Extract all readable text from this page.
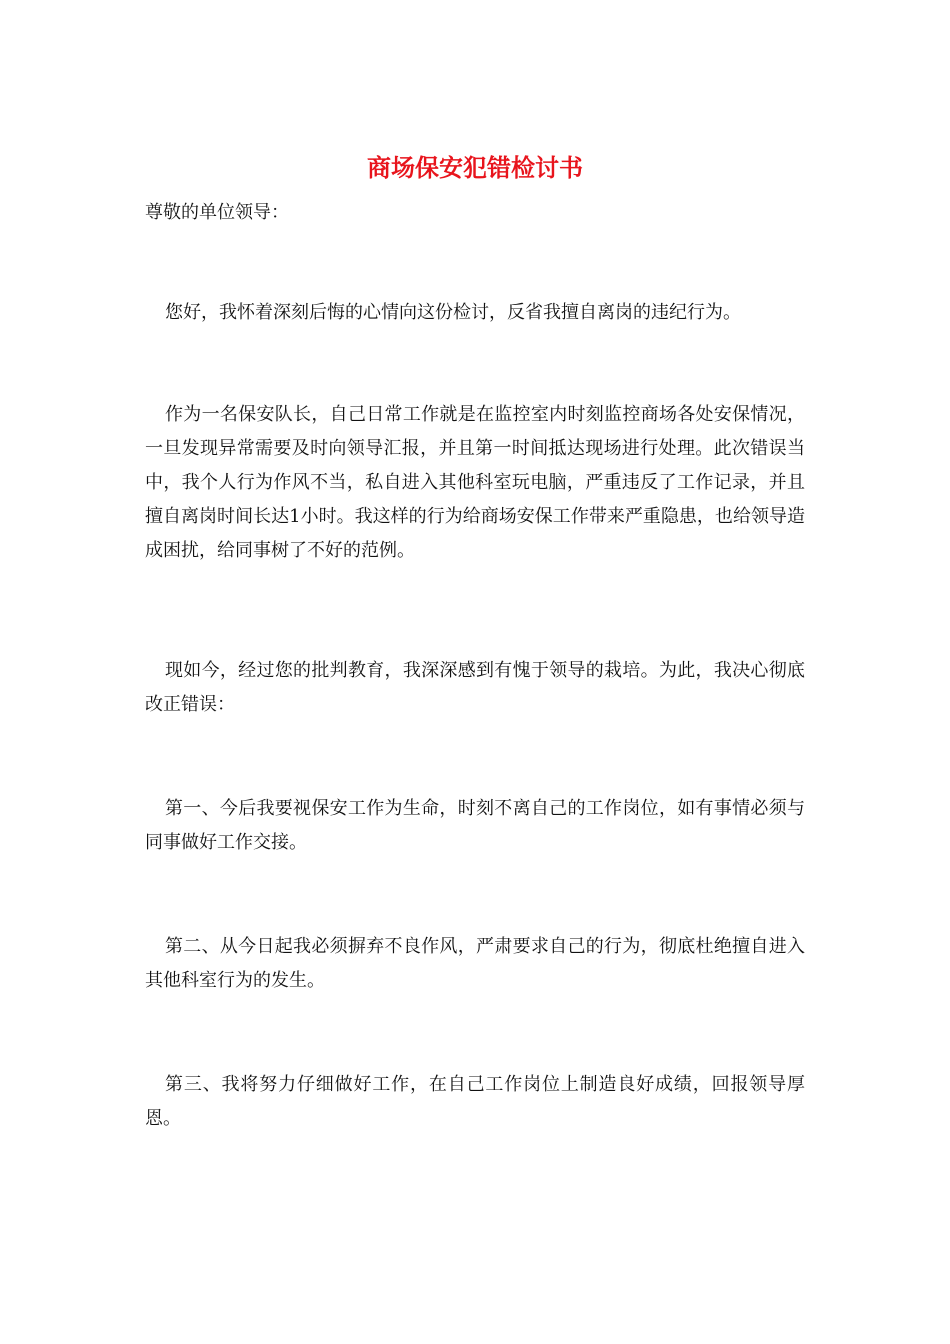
商场保安犯错检讨书

尊敬的单位领导：

您好，我怀着深刻后悔的心情向这份检讨，反省我擅自离岗的违纪行为。

作为一名保安队长，自己日常工作就是在监控室内时刻监控商场各处安保情况，一旦发现异常需要及时向领导汇报，并且第一时间抵达现场进行处理。此次错误当中，我个人行为作风不当，私自进入其他科室玩电脑，严重违反了工作记录，并且擅自离岗时间长达1小时。我这样的行为给商场安保工作带来严重隐患，也给领导造成困扰，给同事树了不好的范例。

现如今，经过您的批判教育，我深深感到有愧于领导的栽培。为此，我决心彻底改正错误：

第一、今后我要视保安工作为生命，时刻不离自己的工作岗位，如有事情必须与同事做好工作交接。

第二、从今日起我必须摒弃不良作风，严肃要求自己的行为，彻底杜绝擅自进入其他科室行为的发生。

第三、我将努力仔细做好工作，在自己工作岗位上制造良好成绩，回报领导厚恩。
